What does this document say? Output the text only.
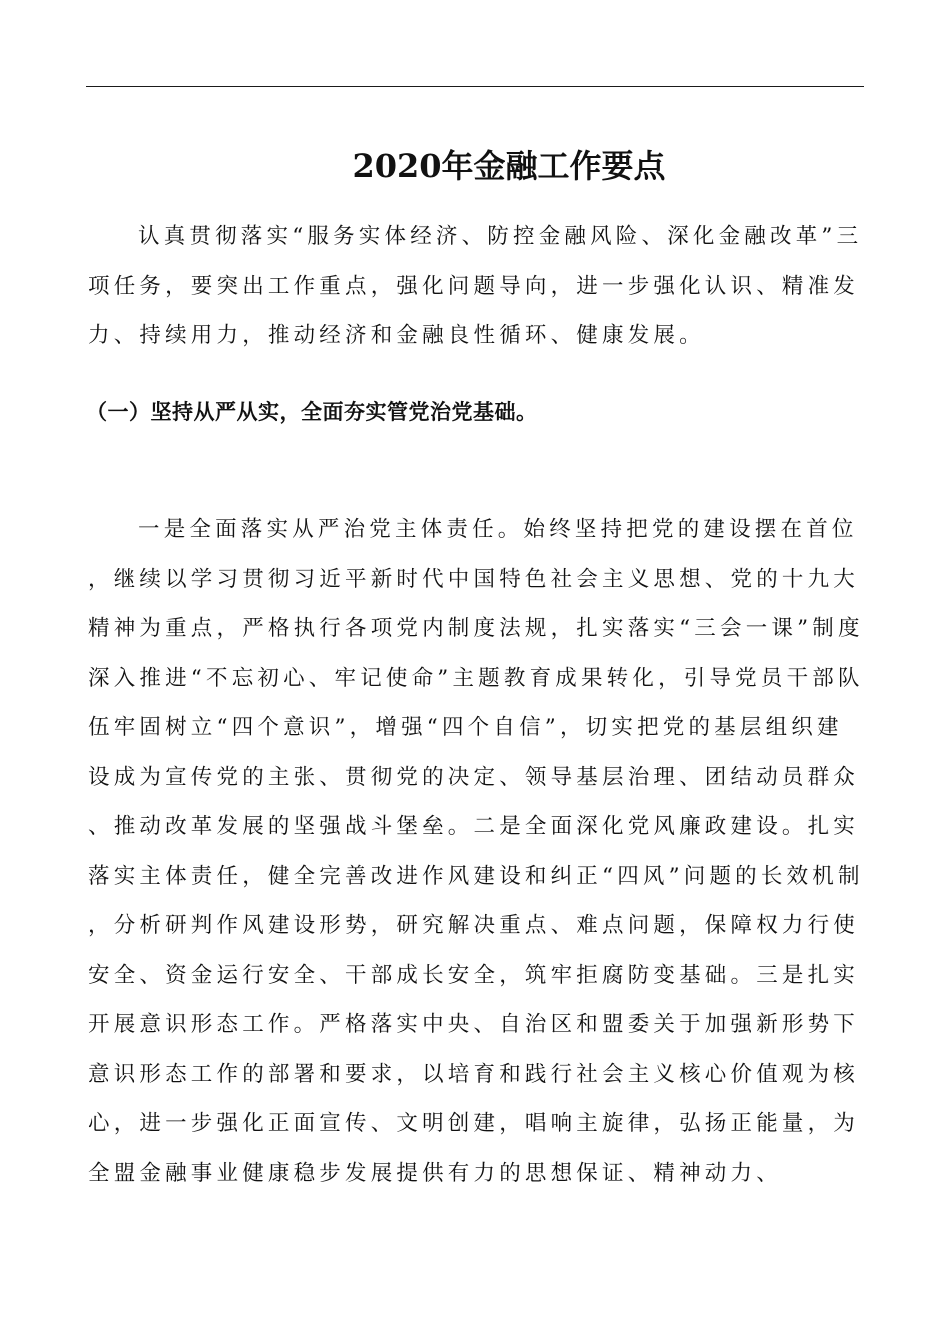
2020年金融工作要点

认真贯彻落实“服务实体经济、防控金融风险、深化金融改革”三项任务，要突出工作重点，强化问题导向，进一步强化认识、精准发力、持续用力，推动经济和金融良性循环、健康发展。

（一）坚持从严从实，全面夯实管党治党基础。

一是全面落实从严治党主体责任。始终坚持把党的建设摆在首位，继续以学习贯彻习近平新时代中国特色社会主义思想、党的十九大精神为重点，严格执行各项党内制度法规，扎实落实“三会一课”制度深入推进“不忘初心、牢记使命”主题教育成果转化，引导党员干部队伍牢固树立“四个意识”，增强“四个自信”，切实把党的基层组织建设成为宣传党的主张、贯彻党的决定、领导基层治理、团结动员群众、推动改革发展的坚强战斗堡垒。二是全面深化党风廉政建设。扎实落实主体责任，健全完善改进作风建设和纠正“四风”问题的长效机制，分析研判作风建设形势，研究解决重点、难点问题，保障权力行使安全、资金运行安全、干部成长安全，筑牢拒腐防变基础。三是扎实开展意识形态工作。严格落实中央、自治区和盟委关于加强新形势下意识形态工作的部署和要求，以培育和践行社会主义核心价值观为核心，进一步强化正面宣传、文明创建，唱响主旋律，弘扬正能量，为全盟金融事业健康稳步发展提供有力的思想保证、精神动力、
